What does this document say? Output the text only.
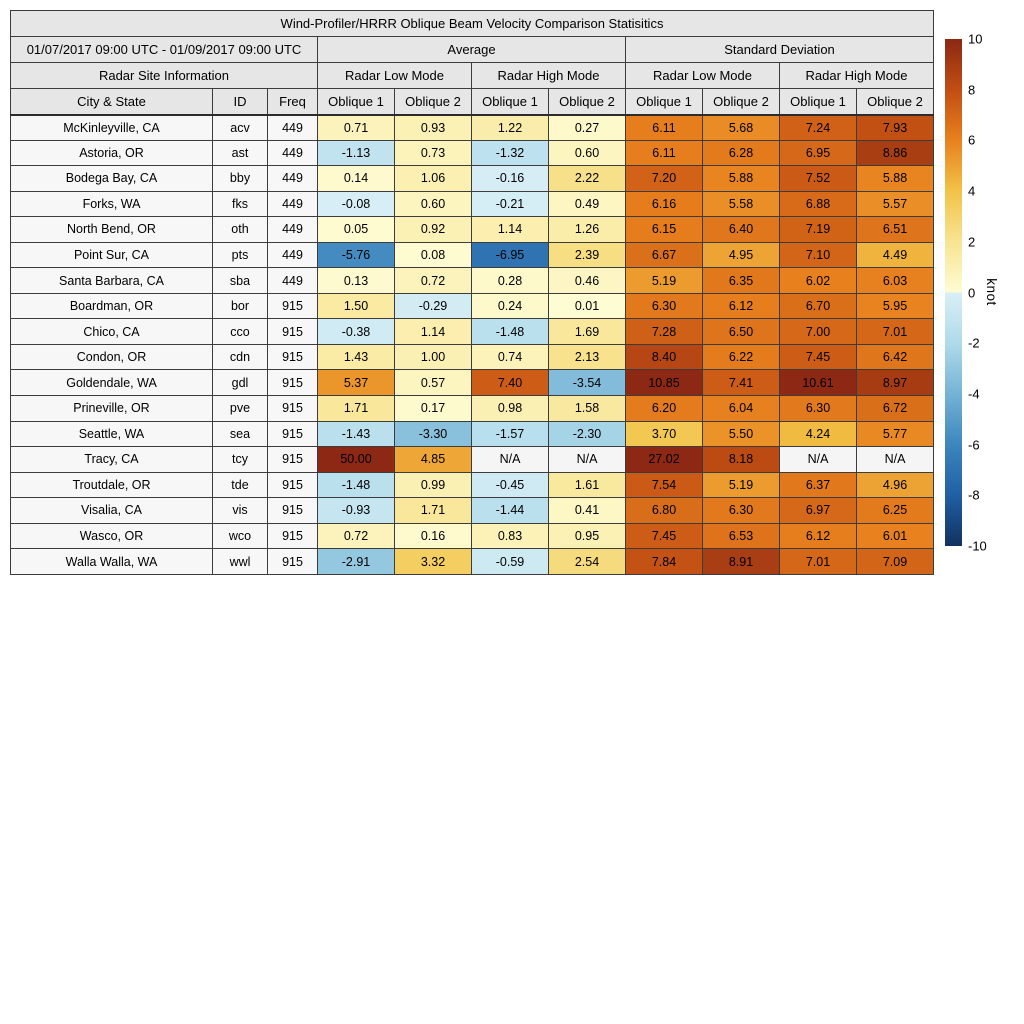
Wind-Profiler/HRRR Oblique Beam Velocity Comparison Statisitics										
01/07/2017 09:00 UTC - 01/09/2017 09:00 UTC			Average				Standard Deviation			
Radar Site Information			Radar Low Mode		Radar High Mode		Radar Low Mode		Radar High Mode	
City & State	ID	Freq	Oblique 1	Oblique 2	Oblique 1	Oblique 2	Oblique 1	Oblique 2	Oblique 1	Oblique 2
McKinleyville, CA	acv	449	0.71	0.93	1.22	0.27	6.11	5.68	7.24	7.93
Astoria, OR	ast	449	-1.13	0.73	-1.32	0.60	6.11	6.28	6.95	8.86
Bodega Bay, CA	bby	449	0.14	1.06	-0.16	2.22	7.20	5.88	7.52	5.88
Forks, WA	fks	449	-0.08	0.60	-0.21	0.49	6.16	5.58	6.88	5.57
North Bend, OR	oth	449	0.05	0.92	1.14	1.26	6.15	6.40	7.19	6.51
Point Sur, CA	pts	449	-5.76	0.08	-6.95	2.39	6.67	4.95	7.10	4.49
Santa Barbara, CA	sba	449	0.13	0.72	0.28	0.46	5.19	6.35	6.02	6.03
Boardman, OR	bor	915	1.50	-0.29	0.24	0.01	6.30	6.12	6.70	5.95
Chico, CA	cco	915	-0.38	1.14	-1.48	1.69	7.28	6.50	7.00	7.01
Condon, OR	cdn	915	1.43	1.00	0.74	2.13	8.40	6.22	7.45	6.42
Goldendale, WA	gdl	915	5.37	0.57	7.40	-3.54	10.85	7.41	10.61	8.97
Prineville, OR	pve	915	1.71	0.17	0.98	1.58	6.20	6.04	6.30	6.72
Seattle, WA	sea	915	-1.43	-3.30	-1.57	-2.30	3.70	5.50	4.24	5.77
Tracy, CA	tcy	915	50.00	4.85	N/A	N/A	27.02	8.18	N/A	N/A
Troutdale, OR	tde	915	-1.48	0.99	-0.45	1.61	7.54	5.19	6.37	4.96
Visalia, CA	vis	915	-0.93	1.71	-1.44	0.41	6.80	6.30	6.97	6.25
Wasco, OR	wco	915	0.72	0.16	0.83	0.95	7.45	6.53	6.12	6.01
Walla Walla, WA	wwl	915	-2.91	3.32	-0.59	2.54	7.84	8.91	7.01	7.09
10
8
6
4
2
0
-2
-4
-6
-8
-10
knot
